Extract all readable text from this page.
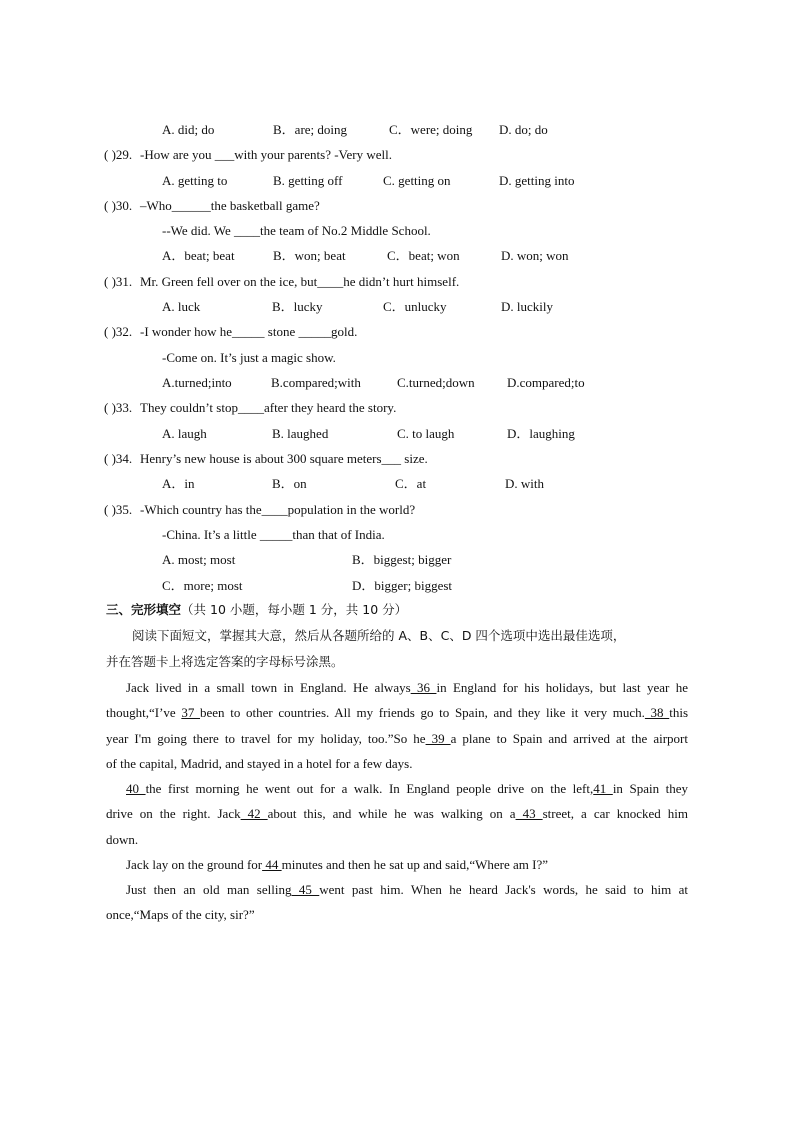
A. did; do	B．are; doing	C．were; doing D. do; do
( )29. -How are you ___with your parents? -Very well.
A. getting to	B. getting off	C. getting on	D. getting into
( )30. –Who______the basketball game?
--We did. We ____the team of No.2 Middle School.
A．beat; beat	B．won; beat	C．beat; won	D. won; won
( )31. Mr. Green fell over on the ice, but____he didn’t hurt himself.
A. luck	B．lucky	C．unlucky	D. luckily
( )32. -I wonder how he_____ stone _____gold.
-Come on. It’s just a magic show.
A.turned;into	B.compared;with	C.turned;down D.compared;to
( )33. They couldn’t stop____after they heard the story.
A. laugh	B. laughed	C. to laugh	D．laughing
( )34. Henry’s new house is about 300 square meters___ size.
A．in	B．on	C．at	D. with
( )35. -Which country has the____population in the world?
-China. It’s a little _____than that of India.
A. most; most	B．biggest; bigger
C．more; most	D．bigger; biggest
三、完形填空（共 10 小题，每小题 1 分，共 10 分）
阅读下面短文，掌握其大意，然后从各题所给的 A、B、C、D 四个选项中选出最佳选项，
并在答题卡上将选定答案的字母标号涂黑。
Jack lived in a small town in England. He always 36 in England for his holidays, but last year he
thought,“I’ve 37 been to other countries. All my friends go to Spain, and they like it very much. 38 this
year I'm going there to travel for my holiday, too.”So he 39 a plane to Spain and arrived at the airport
of the capital, Madrid, and stayed in a hotel for a few days.
40 the first morning he went out for a walk. In England people drive on the left,41 in Spain they
drive on the right. Jack 42 about this, and while he was walking on a 43 street, a car knocked him
down.
Jack lay on the ground for 44 minutes and then he sat up and said,“Where am I?”
Just then an old man selling 45 went past him. When he heard Jack's words, he said to him at
once,“Maps of the city, sir?”
